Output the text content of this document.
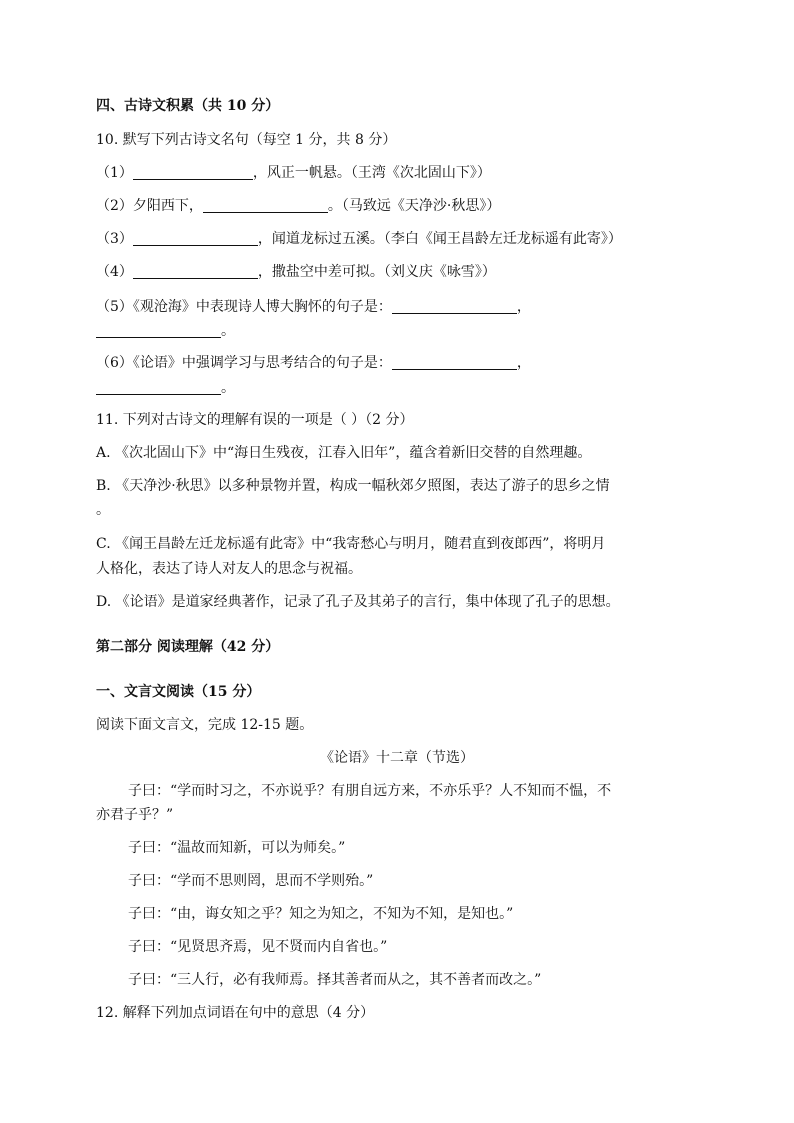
四、古诗文积累（共 10 分）
10. 默写下列古诗文名句（每空 1 分，共 8 分）
（1）	，风正一帆悬。（王湾《次北固山下》）
（2）夕阳西下，	。（马致远《天净沙·秋思》）
（3）	，闻道龙标过五溪。（李白《闻王昌龄左迁龙标遥有此寄》）
（4）	，撒盐空中差可拟。（刘义庆《咏雪》）
（5）《观沧海》中表现诗人博大胸怀的句子是：	，
。
（6）《论语》中强调学习与思考结合的句子是：	，
。
11. 下列对古诗文的理解有误的一项是（ ）（2 分）
A. 《次北固山下》中“海日生残夜，江春入旧年”，蕴含着新旧交替的自然理趣。
B. 《天净沙·秋思》以多种景物并置，构成一幅秋郊夕照图，表达了游子的思乡之情
。
C. 《闻王昌龄左迁龙标遥有此寄》中“我寄愁心与明月，随君直到夜郎西”，将明月
人格化，表达了诗人对友人的思念与祝福。
D. 《论语》是道家经典著作，记录了孔子及其弟子的言行，集中体现了孔子的思想。
第二部分 阅读理解（42 分）
一、文言文阅读（15 分）
阅读下面文言文，完成 12-15 题。
《论语》十二章（节选）
子曰：“学而时习之，不亦说乎？有朋自远方来，不亦乐乎？人不知而不愠，不
亦君子乎？”
子曰：“温故而知新，可以为师矣。”
子曰：“学而不思则罔，思而不学则殆。”
子曰：“由，诲女知之乎？知之为知之，不知为不知，是知也。”
子曰：“见贤思齐焉，见不贤而内自省也。”
子曰：“三人行，必有我师焉。择其善者而从之，其不善者而改之。”
12. 解释下列加点词语在句中的意思（4 分）
